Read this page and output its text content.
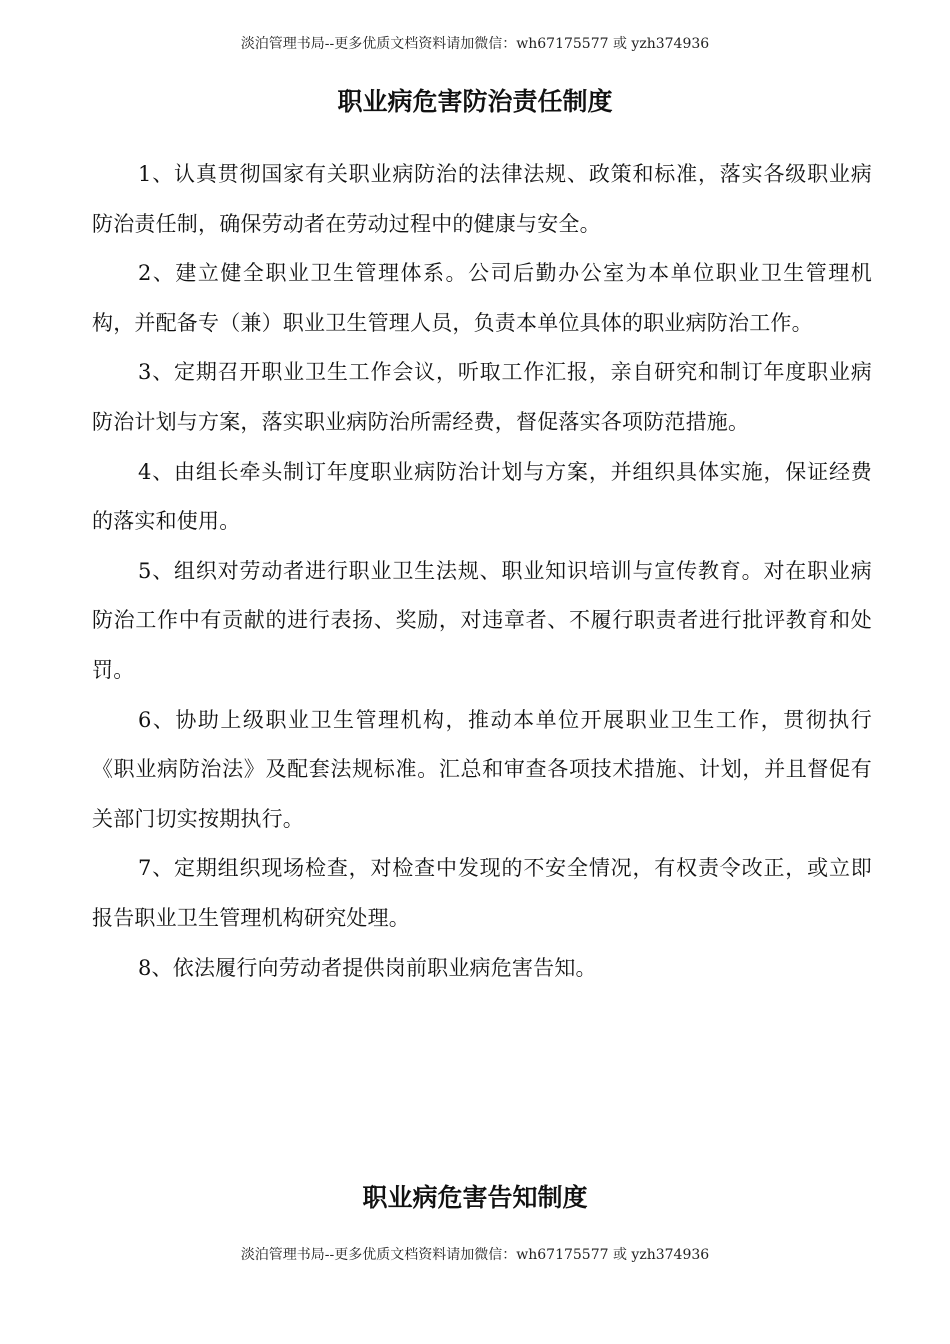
淡泊管理书局--更多优质文档资料请加微信：wh67175577 或 yzh374936
职业病危害防治责任制度

1、认真贯彻国家有关职业病防治的法律法规、政策和标准，落实各级职业病防治责任制，确保劳动者在劳动过程中的健康与安全。

2、建立健全职业卫生管理体系。公司后勤办公室为本单位职业卫生管理机构，并配备专（兼）职业卫生管理人员，负责本单位具体的职业病防治工作。

3、定期召开职业卫生工作会议，听取工作汇报，亲自研究和制订年度职业病防治计划与方案，落实职业病防治所需经费，督促落实各项防范措施。

4、由组长牵头制订年度职业病防治计划与方案，并组织具体实施，保证经费的落实和使用。

5、组织对劳动者进行职业卫生法规、职业知识培训与宣传教育。对在职业病防治工作中有贡献的进行表扬、奖励，对违章者、不履行职责者进行批评教育和处罚。

6、协助上级职业卫生管理机构，推动本单位开展职业卫生工作，贯彻执行《职业病防治法》及配套法规标准。汇总和审查各项技术措施、计划，并且督促有关部门切实按期执行。

7、定期组织现场检查，对检查中发现的不安全情况，有权责令改正，或立即报告职业卫生管理机构研究处理。

8、依法履行向劳动者提供岗前职业病危害告知。

职业病危害告知制度
淡泊管理书局--更多优质文档资料请加微信：wh67175577 或 yzh374936
